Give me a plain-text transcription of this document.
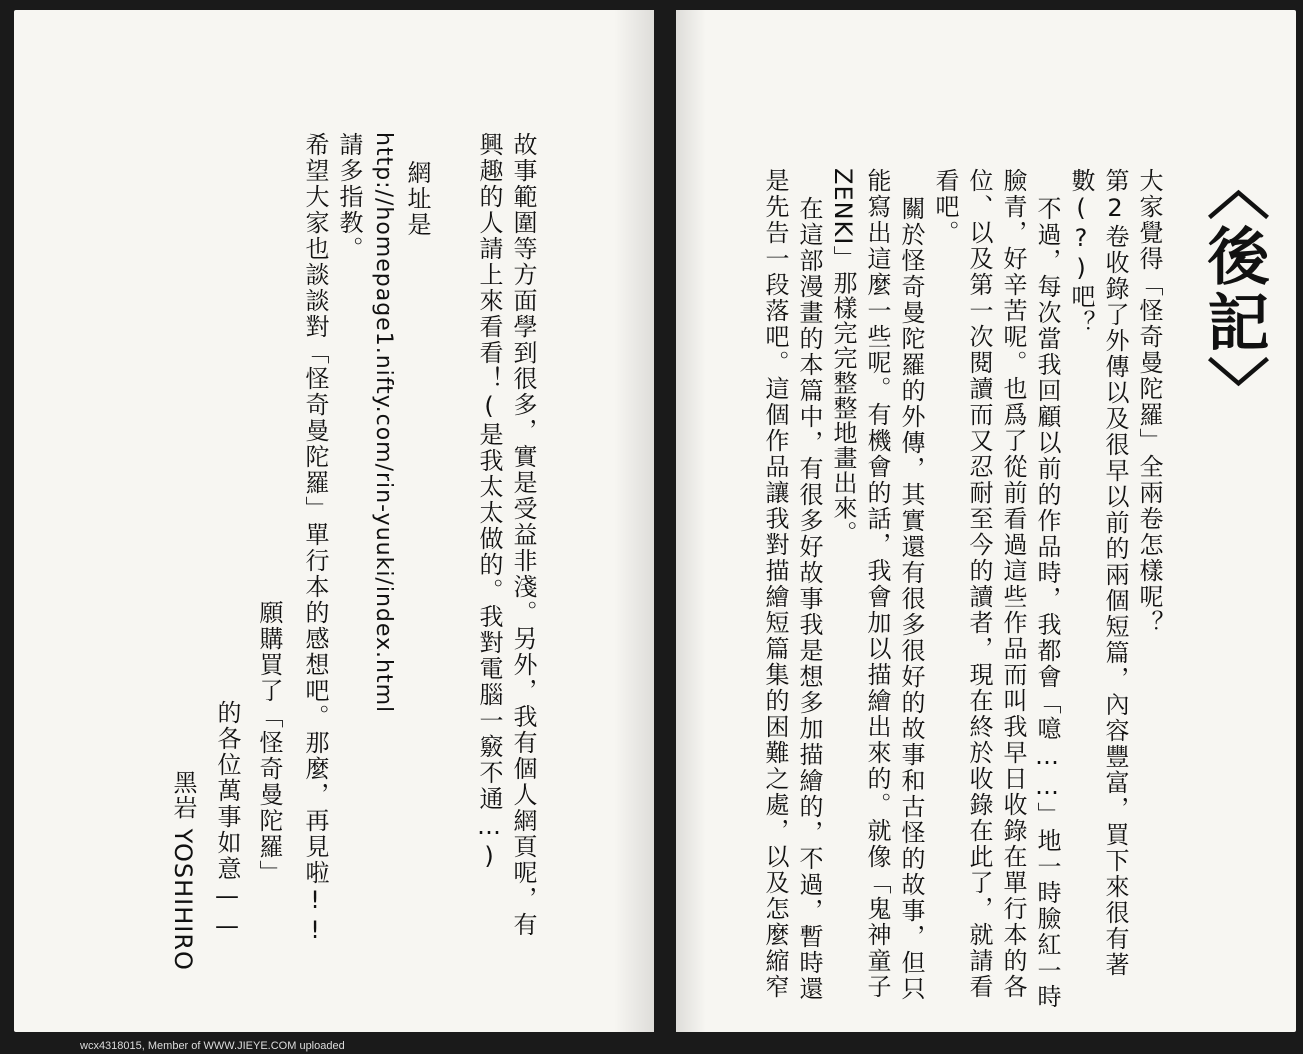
〈後記〉
大家覺得「怪奇曼陀羅」全兩卷怎樣呢？
第2卷收錄了外傳以及很早以前的兩個短篇，內容豐富，買下來很有著
數(?)吧？
不過，每次當我回顧以前的作品時，我都會「噫……」地一時臉紅一時
臉青，好辛苦呢。也爲了從前看過這些作品而叫我早日收錄在單行本的各
位、以及第一次閱讀而又忍耐至今的讀者，現在終於收錄在此了，就請看
看吧。
關於怪奇曼陀羅的外傳，其實還有很多很好的故事和古怪的故事，但只
能寫出這麼一些呢。有機會的話，我會加以描繪出來的。就像「鬼神童子
ZENKI」那樣完完整整地畫出來。
在這部漫畫的本篇中，有很多好故事我是想多加描繪的，不過，暫時還
是先告一段落吧。這個作品讓我對描繪短篇集的困難之處，以及怎麼縮窄
故事範圍等方面學到很多，實是受益非淺。另外，我有個人網頁呢，有
興趣的人請上來看看！(是我太太做的。我對電腦一竅不通…)
網址是
http://homepage1.nifty.com/rin-yuuki/index.html
請多指教。
希望大家也談談對「怪奇曼陀羅」單行本的感想吧。那麼，再見啦!!
願購買了「怪奇曼陀羅」
的各位萬事如意——
黑岩 YOSHIHIRO
wcx4318015, Member of WWW.JIEYE.COM uploaded
